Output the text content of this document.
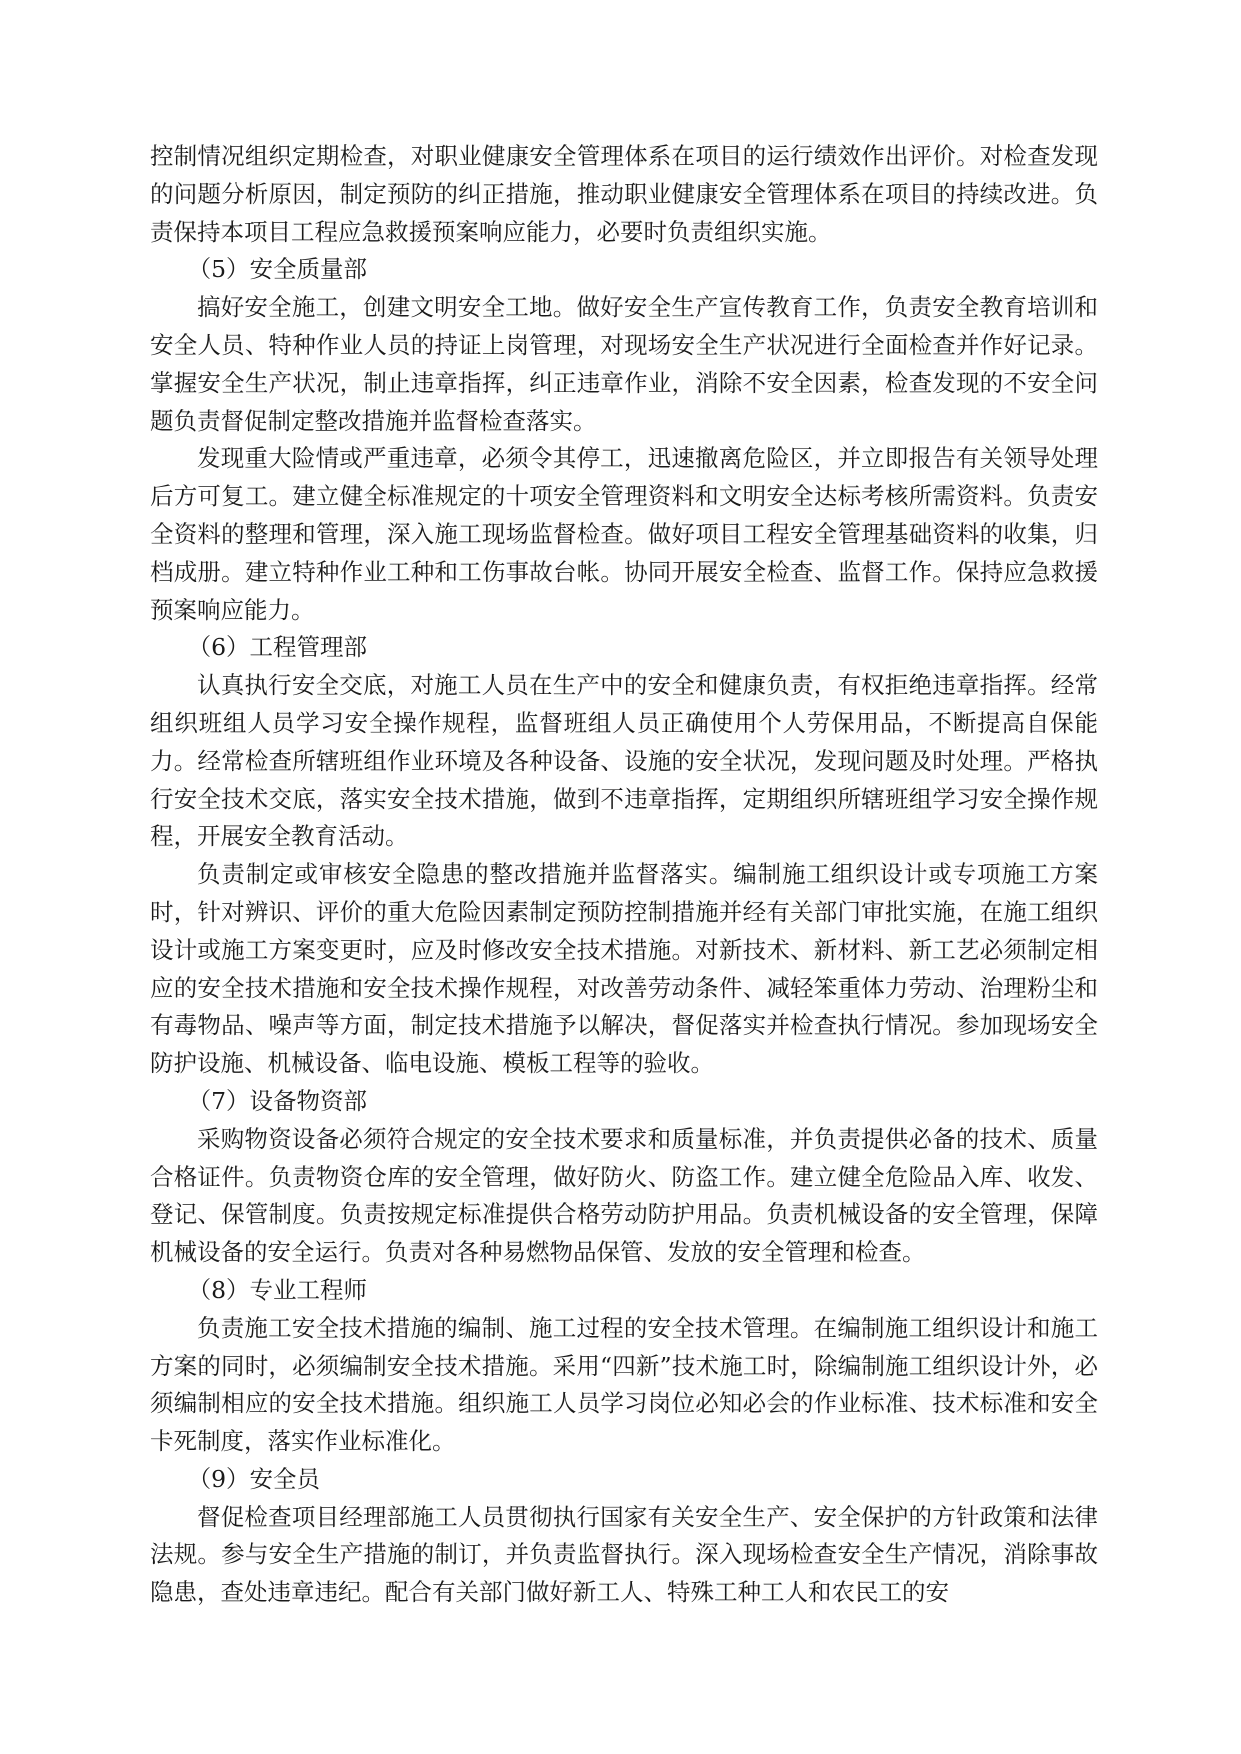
控制情况组织定期检查，对职业健康安全管理体系在项目的运行绩效作出评价。对检查发现的问题分析原因，制定预防的纠正措施，推动职业健康安全管理体系在项目的持续改进。负责保持本项目工程应急救援预案响应能力，必要时负责组织实施。

（5）安全质量部

搞好安全施工，创建文明安全工地。做好安全生产宣传教育工作，负责安全教育培训和安全人员、特种作业人员的持证上岗管理，对现场安全生产状况进行全面检查并作好记录。掌握安全生产状况，制止违章指挥，纠正违章作业，消除不安全因素，检查发现的不安全问题负责督促制定整改措施并监督检查落实。

发现重大险情或严重违章，必须令其停工，迅速撤离危险区，并立即报告有关领导处理后方可复工。建立健全标准规定的十项安全管理资料和文明安全达标考核所需资料。负责安全资料的整理和管理，深入施工现场监督检查。做好项目工程安全管理基础资料的收集，归档成册。建立特种作业工种和工伤事故台帐。协同开展安全检查、监督工作。保持应急救援预案响应能力。

（6）工程管理部

认真执行安全交底，对施工人员在生产中的安全和健康负责，有权拒绝违章指挥。经常组织班组人员学习安全操作规程，监督班组人员正确使用个人劳保用品，不断提高自保能力。经常检查所辖班组作业环境及各种设备、设施的安全状况，发现问题及时处理。严格执行安全技术交底，落实安全技术措施，做到不违章指挥，定期组织所辖班组学习安全操作规程，开展安全教育活动。

负责制定或审核安全隐患的整改措施并监督落实。编制施工组织设计或专项施工方案时，针对辨识、评价的重大危险因素制定预防控制措施并经有关部门审批实施，在施工组织设计或施工方案变更时，应及时修改安全技术措施。对新技术、新材料、新工艺必须制定相应的安全技术措施和安全技术操作规程，对改善劳动条件、减轻笨重体力劳动、治理粉尘和有毒物品、噪声等方面，制定技术措施予以解决，督促落实并检查执行情况。参加现场安全防护设施、机械设备、临电设施、模板工程等的验收。

（7）设备物资部

采购物资设备必须符合规定的安全技术要求和质量标准，并负责提供必备的技术、质量合格证件。负责物资仓库的安全管理，做好防火、防盗工作。建立健全危险品入库、收发、登记、保管制度。负责按规定标准提供合格劳动防护用品。负责机械设备的安全管理，保障机械设备的安全运行。负责对各种易燃物品保管、发放的安全管理和检查。

（8）专业工程师

负责施工安全技术措施的编制、施工过程的安全技术管理。在编制施工组织设计和施工方案的同时，必须编制安全技术措施。采用“四新”技术施工时，除编制施工组织设计外，必须编制相应的安全技术措施。组织施工人员学习岗位必知必会的作业标准、技术标准和安全卡死制度，落实作业标准化。

（9）安全员

督促检查项目经理部施工人员贯彻执行国家有关安全生产、安全保护的方针政策和法律法规。参与安全生产措施的制订，并负责监督执行。深入现场检查安全生产情况，消除事故隐患，查处违章违纪。配合有关部门做好新工人、特殊工种工人和农民工的安
